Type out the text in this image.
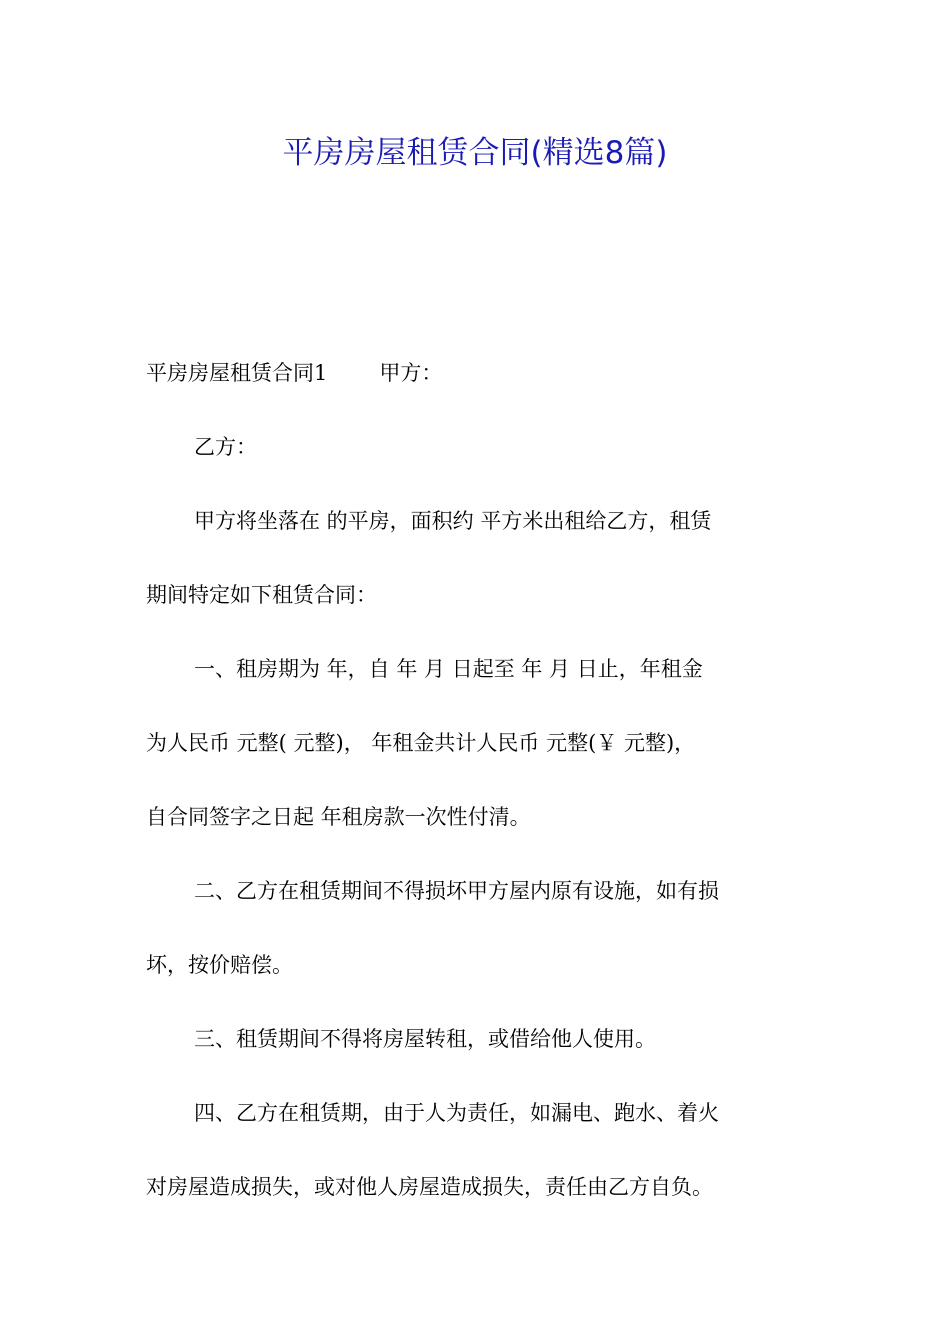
平房房屋租赁合同(精选8篇)

平房房屋租赁合同1 甲方：

乙方：

甲方将坐落在 的平房，面积约 平方米出租给乙方，租赁
期间特定如下租赁合同：
一、租房期为 年，自 年 月 日起至 年 月 日止，年租金
为人民币 元整( 元整)， 年租金共计人民币 元整(￥ 元整)，
自合同签字之日起 年租房款一次性付清。
二、乙方在租赁期间不得损坏甲方屋内原有设施，如有损
坏，按价赔偿。
三、租赁期间不得将房屋转租，或借给他人使用。
四、乙方在租赁期，由于人为责任，如漏电、跑水、着火
对房屋造成损失，或对他人房屋造成损失，责任由乙方自负。
